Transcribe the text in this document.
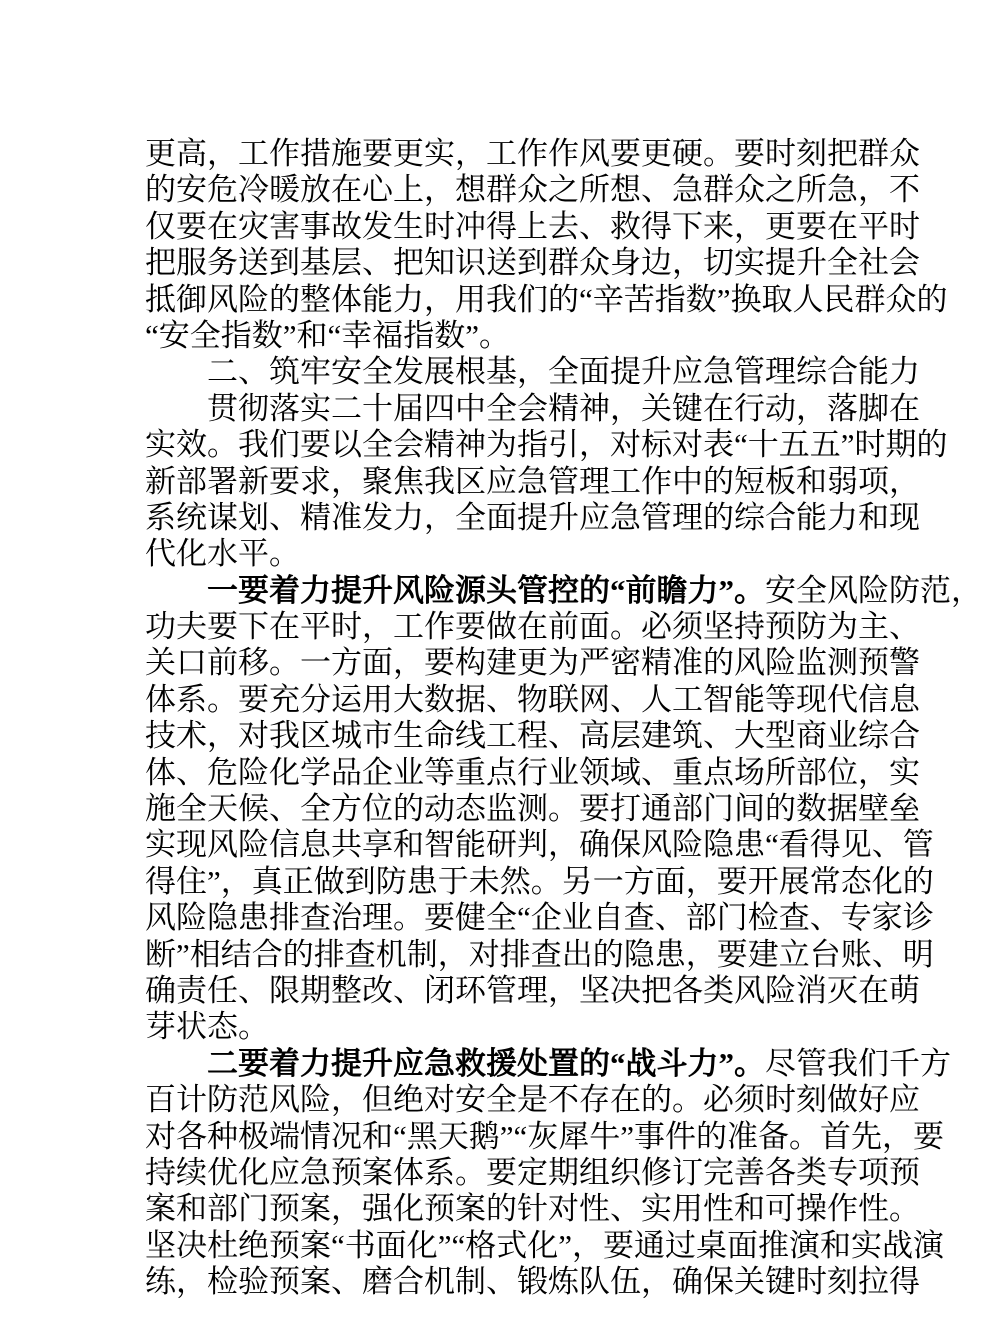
更高，工作措施要更实，工作作风要更硬。要时刻把群众
的安危冷暖放在心上，想群众之所想、急群众之所急，不
仅要在灾害事故发生时冲得上去、救得下来，更要在平时
把服务送到基层、把知识送到群众身边，切实提升全社会
抵御风险的整体能力，用我们的“辛苦指数”换取人民群众的
“安全指数”和“幸福指数”。
二、筑牢安全发展根基，全面提升应急管理综合能力
贯彻落实二十届四中全会精神，关键在行动，落脚在
实效。我们要以全会精神为指引，对标对表“十五五”时期的
新部署新要求，聚焦我区应急管理工作中的短板和弱项，
系统谋划、精准发力，全面提升应急管理的综合能力和现
代化水平。
一要着力提升风险源头管控的“前瞻力”。安全风险防范，
功夫要下在平时，工作要做在前面。必须坚持预防为主、
关口前移。一方面，要构建更为严密精准的风险监测预警
体系。要充分运用大数据、物联网、人工智能等现代信息
技术，对我区城市生命线工程、高层建筑、大型商业综合
体、危险化学品企业等重点行业领域、重点场所部位，实
施全天候、全方位的动态监测。要打通部门间的数据壁垒
实现风险信息共享和智能研判，确保风险隐患“看得见、管
得住”，真正做到防患于未然。另一方面，要开展常态化的
风险隐患排查治理。要健全“企业自查、部门检查、专家诊
断”相结合的排查机制，对排查出的隐患，要建立台账、明
确责任、限期整改、闭环管理，坚决把各类风险消灭在萌
芽状态。
二要着力提升应急救援处置的“战斗力”。尽管我们千方
百计防范风险，但绝对安全是不存在的。必须时刻做好应
对各种极端情况和“黑天鹅”“灰犀牛”事件的准备。首先，要
持续优化应急预案体系。要定期组织修订完善各类专项预
案和部门预案，强化预案的针对性、实用性和可操作性。
坚决杜绝预案“书面化”“格式化”，要通过桌面推演和实战演
练，检验预案、磨合机制、锻炼队伍，确保关键时刻拉得
